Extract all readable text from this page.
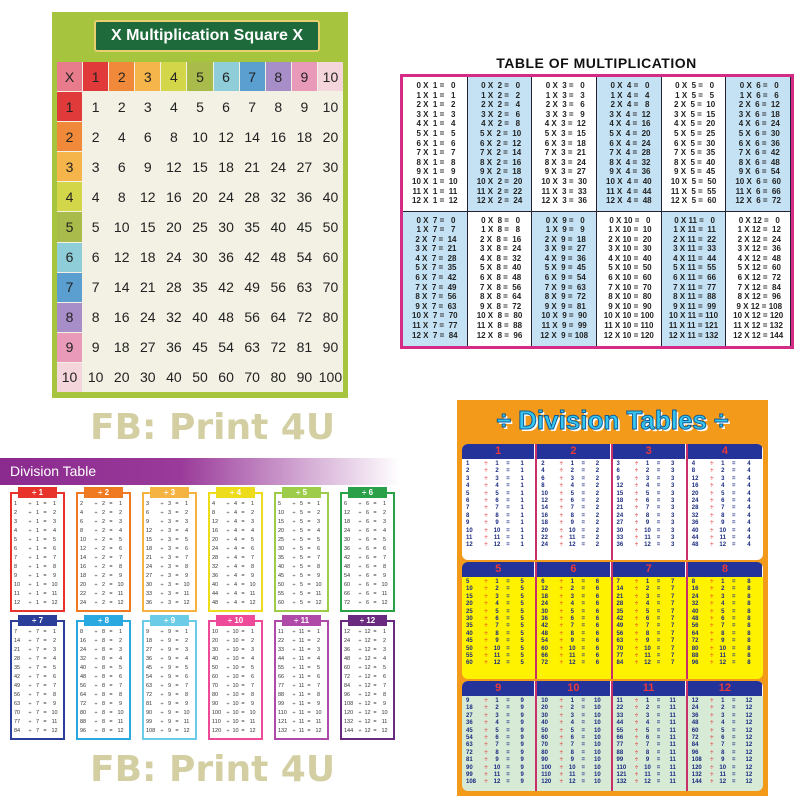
X Multiplication Square X
X	1	2	3	4	5	6	7	8	9	10
1	1	2	3	4	5	6	7	8	9	10
2	2	4	6	8	10 12 14 16 18 20
3	3	6	9	12 15 18 21 24 27 30
4	4	8	12 16 20 24 28 32 36 40
5	5	10 15 20 25 30 35 40 45 50
6	6	12 18 24 30 36 42 48 54 60
7	7	14 21 28 35 42 49 56 63 70
8	8	16 24 32 40 48 56 64 72 80
9	9	18 27 36 45 54 63 72 81 90
10 10 20 30 40 50 60 70 80 90 100
TABLE OF MULTIPLICATION
0 X  1 =   0
1 X  1 =   1
2 X  1 =   2
3 X  1 =   3
4 X  1 =   4
5 X  1 =   5
6 X  1 =   6
7 X  1 =   7
8 X  1 =   8
9 X  1 =   9
10 X  1 =  10
11 X  1 =  11
12 X  1 =  12
0 X  2 =   0
1 X  2 =   2
2 X  2 =   4
3 X  2 =   6
4 X  2 =   8
5 X  2 =  10
6 X  2 =  12
7 X  2 =  14
8 X  2 =  16
9 X  2 =  18
10 X  2 =  20
11 X  2 =  22
12 X  2 =  24
0 X  3 =   0
1 X  3 =   3
2 X  3 =   6
3 X  3 =   9
4 X  3 =  12
5 X  3 =  15
6 X  3 =  18
7 X  3 =  21
8 X  3 =  24
9 X  3 =  27
10 X  3 =  30
11 X  3 =  33
12 X  3 =  36
0 X  4 =   0
1 X  4 =   4
2 X  4 =   8
3 X  4 =  12
4 X  4 =  16
5 X  4 =  20
6 X  4 =  24
7 X  4 =  28
8 X  4 =  32
9 X  4 =  36
10 X  4 =  40
11 X  4 =  44
12 X  4 =  48
0 X  5 =   0
1 X  5 =   5
2 X  5 =  10
3 X  5 =  15
4 X  5 =  20
5 X  5 =  25
6 X  5 =  30
7 X  5 =  35
8 X  5 =  40
9 X  5 =  45
10 X  5 =  50
11 X  5 =  55
12 X  5 =  60
0 X  6 =   0
1 X  6 =   6
2 X  6 =  12
3 X  6 =  18
4 X  6 =  24
5 X  6 =  30
6 X  6 =  36
7 X  6 =  42
8 X  6 =  48
9 X  6 =  54
10 X  6 =  60
11 X  6 =  66
12 X  6 =  72
0 X  7 =   0
1 X  7 =   7
2 X  7 =  14
3 X  7 =  21
4 X  7 =  28
5 X  7 =  35
6 X  7 =  42
7 X  7 =  49
8 X  7 =  56
9 X  7 =  63
10 X  7 =  70
11 X  7 =  77
12 X  7 =  84
0 X  8 =   0
1 X  8 =   8
2 X  8 =  16
3 X  8 =  24
4 X  8 =  32
5 X  8 =  40
6 X  8 =  48
7 X  8 =  56
8 X  8 =  64
9 X  8 =  72
10 X  8 =  80
11 X  8 =  88
12 X  8 =  96
0 X  9 =   0
1 X  9 =   9
2 X  9 =  18
3 X  9 =  27
4 X  9 =  36
5 X  9 =  45
6 X  9 =  54
7 X  9 =  63
8 X  9 =  72
9 X  9 =  81
10 X  9 =  90
11 X  9 =  99
12 X  9 = 108
0 X 10 =   0
1 X 10 =  10
2 X 10 =  20
3 X 10 =  30
4 X 10 =  40
5 X 10 =  50
6 X 10 =  60
7 X 10 =  70
8 X 10 =  80
9 X 10 =  90
10 X 10 = 100
11 X 10 = 110
12 X 10 = 120
0 X 11 =   0
1 X 11 =  11
2 X 11 =  22
3 X 11 =  33
4 X 11 =  44
5 X 11 =  55
6 X 11 =  66
7 X 11 =  77
8 X 11 =  88
9 X 11 =  99
10 X 11 = 110
11 X 11 = 121
12 X 11 = 132
0 X 12 =   0
1 X 12 =  12
2 X 12 =  24
3 X 12 =  36
4 X 12 =  48
5 X 12 =  60
6 X 12 =  72
7 X 12 =  84
8 X 12 =  96
9 X 12 = 108
10 X 12 = 120
11 X 12 = 132
12 X 12 = 144
Division Table
÷ 1
1	÷ 1 =	1
2	÷ 1 =	2
3	÷ 1 =	3
4	÷ 1 =	4
5	÷ 1 =	5
6	÷ 1 =	6
7	÷ 1 =	7
8	÷ 1 =	8
9	÷ 1 =	9
10	÷ 1 = 10
11	÷ 1 = 11
12	÷ 1 = 12
÷ 2
2	÷ 2 =	1
4	÷ 2 =	2
6	÷ 2 =	3
8	÷ 2 =	4
10	÷ 2 =	5
12	÷ 2 =	6
14	÷ 2 =	7
16	÷ 2 =	8
18	÷ 2 =	9
20	÷ 2 = 10
22	÷ 2 = 11
24	÷ 2 = 12
÷ 3
3	÷ 3 =	1
6	÷ 3 =	2
9	÷ 3 =	3
12	÷ 3 =	4
15	÷ 3 =	5
18	÷ 3 =	6
21	÷ 3 =	7
24	÷ 3 =	8
27	÷ 3 =	9
30	÷ 3 = 10
33	÷ 3 = 11
36	÷ 3 = 12
÷ 4
4	÷ 4 =	1
8	÷ 4 =	2
12	÷ 4 =	3
16	÷ 4 =	4
20	÷ 4 =	5
24	÷ 4 =	6
28	÷ 4 =	7
32	÷ 4 =	8
36	÷ 4 =	9
40	÷ 4 = 10
44	÷ 4 = 11
48	÷ 4 = 12
÷ 5
5	÷ 5 =	1
10	÷ 5 =	2
15	÷ 5 =	3
20	÷ 5 =	4
25	÷ 5 =	5
30	÷ 5 =	6
35	÷ 5 =	7
40	÷ 5 =	8
45	÷ 5 =	9
50	÷ 5 = 10
55	÷ 5 = 11
60	÷ 5 = 12
÷ 6
6	÷ 6 =	1
12	÷ 6 =	2
18	÷ 6 =	3
24	÷ 6 =	4
30	÷ 6 =	5
36	÷ 6 =	6
42	÷ 6 =	7
48	÷ 6 =	8
54	÷ 6 =	9
60	÷ 6 = 10
66	÷ 6 = 11
72	÷ 6 = 12
÷ 7
7	÷ 7 =	1
14	÷ 7 =	2
21	÷ 7 =	3
28	÷ 7 =	4
35	÷ 7 =	5
42	÷ 7 =	6
49	÷ 7 =	7
56	÷ 7 =	8
63	÷ 7 =	9
70	÷ 7 = 10
77	÷ 7 = 11
84	÷ 7 = 12
÷ 8
8	÷ 8 =	1
16	÷ 8 =	2
24	÷ 8 =	3
32	÷ 8 =	4
40	÷ 8 =	5
48	÷ 8 =	6
56	÷ 8 =	7
64	÷ 8 =	8
72	÷ 8 =	9
80	÷ 8 = 10
88	÷ 8 = 11
96	÷ 8 = 12
÷ 9
9	÷ 9 =	1
18	÷ 9 =	2
27	÷ 9 =	3
36	÷ 9 =	4
45	÷ 9 =	5
54	÷ 9 =	6
63	÷ 9 =	7
72	÷ 9 =	8
81	÷ 9 =	9
90	÷ 9 = 10
99	÷ 9 = 11
108 ÷ 9 = 12
÷ 10
10	÷ 10 =	1
20	÷ 10 =	2
30	÷ 10 =	3
40	÷ 10 =	4
50	÷ 10 =	5
60	÷ 10 =	6
70	÷ 10 =	7
80	÷ 10 =	8
90	÷ 10 =	9
100 ÷ 10 = 10
110	÷ 10 = 11
120 ÷ 10 = 12
÷ 11
11	÷ 11 =	1
22	÷ 11 =	2
33	÷ 11 =	3
44	÷ 11 =	4
55	÷ 11 =	5
66	÷ 11 =	6
77	÷ 11 =	7
88	÷ 11 =	8
99	÷ 11 =	9
110	÷ 11 = 10
121 ÷ 11 = 11
132 ÷ 11 = 12
÷ 12
12	÷ 12 =	1
24	÷ 12 =	2
36	÷ 12 =	3
48	÷ 12 =	4
60	÷ 12 =	5
72	÷ 12 =	6
84	÷ 12 =	7
96	÷ 12 =	8
108 ÷ 12 =	9
120 ÷ 12 = 10
132 ÷ 12 = 11
144 ÷ 12 = 12
÷ Division Tables ÷
1
1	÷	1	=	1
2	÷	2	=	1
3	÷	3	=	1
4	÷	4	=	1
5	÷	5	=	1
6	÷	6	=	1
7	÷	7	=	1
8	÷	8	=	1
9	÷	9	=	1
10	÷	10 =	1
11	÷	11	=	1
12	÷	12 =	1
2
2	÷	1	=	2
4	÷	2	=	2
6	÷	3	=	2
8	÷	4	=	2
10	÷	5	=	2
12	÷	6	=	2
14	÷	7	=	2
16	÷	8	=	2
18	÷	9	=	2
20	÷	10 =	2
22	÷	11	=	2
24	÷	12 =	2
3
3	÷	1	=	3
6	÷	2	=	3
9	÷	3	=	3
12	÷	4	=	3
15	÷	5	=	3
18	÷	6	=	3
21	÷	7	=	3
24	÷	8	=	3
27	÷	9	=	3
30	÷	10 =	3
33	÷	11	=	3
36	÷	12 =	3
4
4	÷	1	=	4
8	÷	2	=	4
12	÷	3	=	4
16	÷	4	=	4
20	÷	5	=	4
24	÷	6	=	4
28	÷	7	=	4
32	÷	8	=	4
36	÷	9	=	4
40	÷	10 =	4
44	÷	11	=	4
48	÷	12 =	4
5
5	÷	1	=	5
10	÷	2	=	5
15	÷	3	=	5
20	÷	4	=	5
25	÷	5	=	5
30	÷	6	=	5
35	÷	7	=	5
40	÷	8	=	5
45	÷	9	=	5
50	÷	10 =	5
55	÷	11	=	5
60	÷	12 =	5
6
6	÷	1	=	6
12	÷	2	=	6
18	÷	3	=	6
24	÷	4	=	6
30	÷	5	=	6
36	÷	6	=	6
42	÷	7	=	6
48	÷	8	=	6
54	÷	9	=	6
60	÷	10 =	6
66	÷	11	=	6
72	÷	12 =	6
7
7	÷	1	=	7
14	÷	2	=	7
21	÷	3	=	7
28	÷	4	=	7
35	÷	5	=	7
42	÷	6	=	7
49	÷	7	=	7
56	÷	8	=	7
63	÷	9	=	7
70	÷	10 =	7
77	÷	11	=	7
84	÷	12 =	7
8
8	÷	1	=	8
16	÷	2	=	8
24	÷	3	=	8
32	÷	4	=	8
40	÷	5	=	8
48	÷	6	=	8
56	÷	7	=	8
64	÷	8	=	8
72	÷	9	=	8
80	÷	10 =	8
88	÷	11	=	8
96	÷	12 =	8
9
9	÷	1	=	9
18	÷	2	=	9
27	÷	3	=	9
36	÷	4	=	9
45	÷	5	=	9
54	÷	6	=	9
63	÷	7	=	9
72	÷	8	=	9
81	÷	9	=	9
90	÷	10 =	9
99	÷	11	=	9
108	÷	12 =	9
10
10	÷	1	=	10
20	÷	2	=	10
30	÷	3	=	10
40	÷	4	=	10
50	÷	5	=	10
60	÷	6	=	10
70	÷	7	=	10
80	÷	8	=	10
90	÷	9	=	10
100	÷	10 =	10
110	÷	11	=	10
120	÷	12 =	10
11
11	÷	1	=	11
22	÷	2	=	11
33	÷	3	=	11
44	÷	4	=	11
55	÷	5	=	11
66	÷	6	=	11
77	÷	7	=	11
88	÷	8	=	11
99	÷	9	=	11
110	÷	10 =	11
121	÷	11	=	11
132	÷	12 =	11
12
12	÷	1	=	12
24	÷	2	=	12
36	÷	3	=	12
48	÷	4	=	12
60	÷	5	=	12
72	÷	6	=	12
84	÷	7	=	12
96	÷	8	=	12
108	÷	9	=	12
120	÷	10 =	12
132	÷	11	=	12
144	÷	12 =	12
FB: Print 4U
FB: Print 4U
